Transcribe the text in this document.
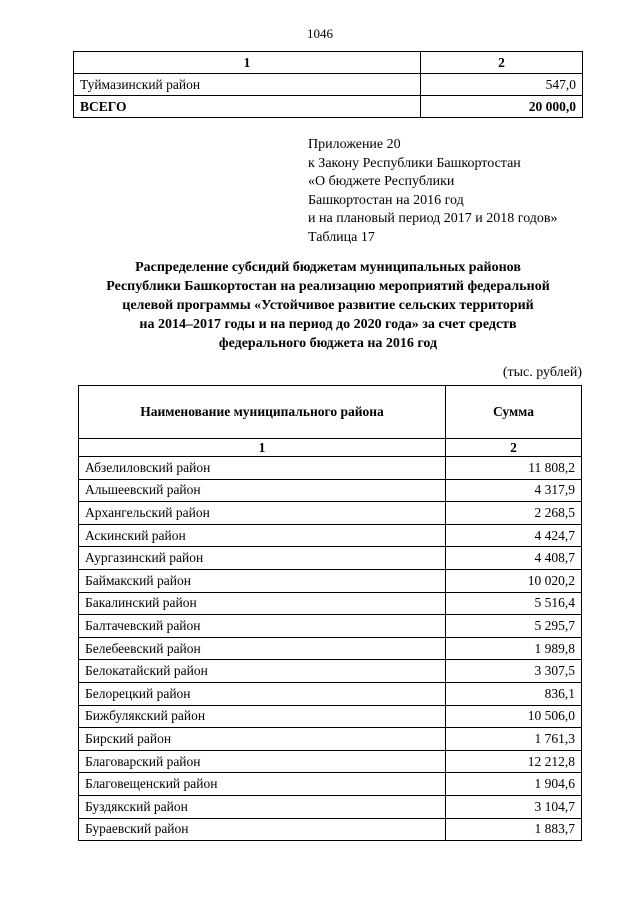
1046
1	2
Туймазинский район	547,0
ВСЕГО	20 000,0
Приложение 20
к Закону Республики Башкортостан
«О бюджете Республики
Башкортостан на 2016 год
и на плановый период 2017 и 2018 годов»
Таблица 17
Распределение субсидий бюджетам муниципальных районов
Республики Башкортостан на реализацию мероприятий федеральной
целевой программы «Устойчивое развитие сельских территорий
на 2014–2017 годы и на период до 2020 года» за счет средств
федерального бюджета на 2016 год
(тыс. рублей)
Наименование муниципального района	Сумма
1	2
Абзелиловский район	11 808,2
Альшеевский район	4 317,9
Архангельский район	2 268,5
Аскинский район	4 424,7
Аургазинский район	4 408,7
Баймакский район	10 020,2
Бакалинский район	5 516,4
Балтачевский район	5 295,7
Белебеевский район	1 989,8
Белокатайский район	3 307,5
Белорецкий район	836,1
Бижбулякский район	10 506,0
Бирский район	1 761,3
Благоварский район	12 212,8
Благовещенский район	1 904,6
Буздякский район	3 104,7
Бураевский район	1 883,7
